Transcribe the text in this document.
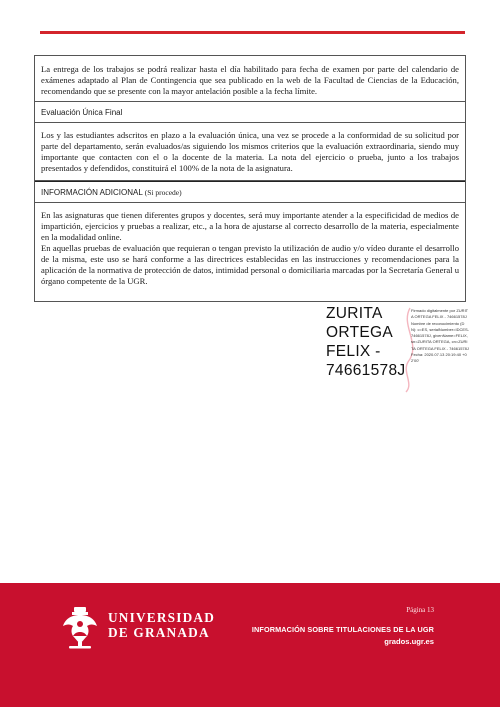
La entrega de los trabajos se podrá realizar hasta el día habilitado para fecha de examen por parte del calendario de exámenes adaptado al Plan de Contingencia que sea publicado en la web de la Facultad de Ciencias de la Educación, recomendando que se presente con la mayor antelación posible a la fecha límite.

Evaluación Única Final

Los y las estudiantes adscritos en plazo a la evaluación única, una vez se procede a la conformidad de su solicitud por parte del departamento, serán evaluados/as siguiendo los mismos criterios que la evaluación extraordinaria, siendo muy importante que contacten con el o la docente de la materia. La nota del ejercicio o prueba, junto a los trabajos presentados y defendidos, constituirá el 100% de la nota de la asignatura.

INFORMACIÓN ADICIONAL (Si procede)

En las asignaturas que tienen diferentes grupos y docentes, será muy importante atender a la especificidad de medios de impartición, ejercicios y pruebas a realizar, etc., a la hora de ajustarse al correcto desarrollo de la materia, especialmente en la modalidad online.

En aquellas pruebas de evaluación que requieran o tengan previsto la utilización de audio y/o vídeo durante el desarrollo de la misma, este uso se hará conforme a las directrices establecidas en las instrucciones y recomendaciones para la aplicación de la normativa de protección de datos, intimidad personal o domiciliaria marcadas por la Secretaría General u órgano competente de la UGR.

ZURITA
ORTEGA
FELIX -
74661578J
Firmado digitalmente por ZURITA ORTEGA FELIX - 74661578J Nombre de reconocimiento (DN): c=ES, serialNumber=IDCES-74661578J, givenName=FELIX, sn=ZURITA ORTEGA, cn=ZURITA ORTEGA FELIX - 74661578J Fecha: 2020.07.13 20:19:40 +02'00'
Página 13
UNIVERSIDAD
DE GRANADA	INFORMACIÓN SOBRE TITULACIONES DE LA UGR
grados.ugr.es
